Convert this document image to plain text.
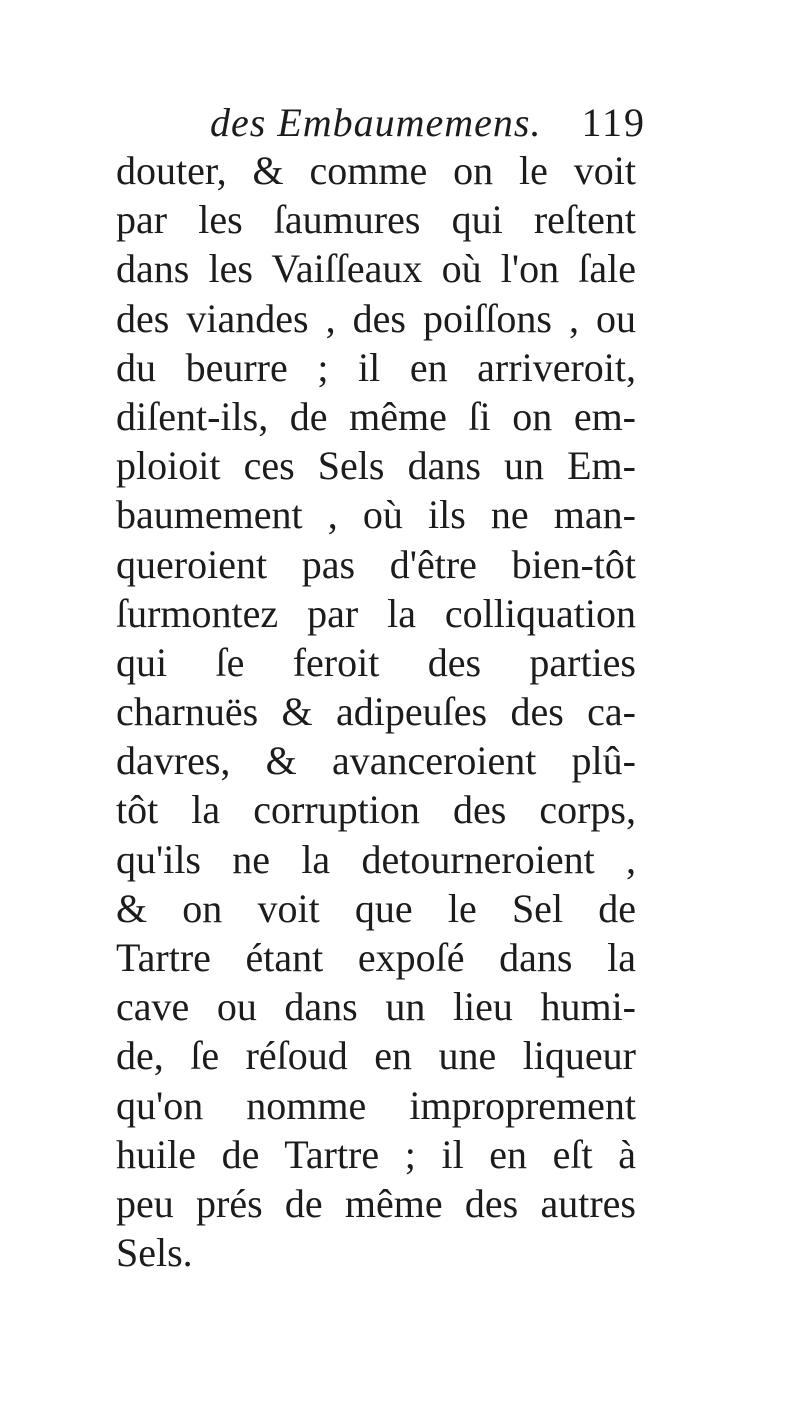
des Embaumemens. 119
douter, & comme on le voit
par les ſaumures qui reſtent
dans les Vaiſſeaux où l'on ſale
des viandes , des poiſſons , ou
du beurre ; il en arriveroit,
diſent-ils, de même ſi on em-
ploioit ces Sels dans un Em-
baumement , où ils ne man-
queroient pas d'être bien-tôt
ſurmontez par la colliquation
qui ſe feroit des parties
charnuës & adipeuſes des ca-
davres, & avanceroient plû-
tôt la corruption des corps,
qu'ils ne la detourneroient ,
& on voit que le Sel de
Tartre étant expoſé dans la
cave ou dans un lieu humi-
de, ſe réſoud en une liqueur
qu'on nomme improprement
huile de Tartre ; il en eſt à
peu prés de même des autres
Sels.
